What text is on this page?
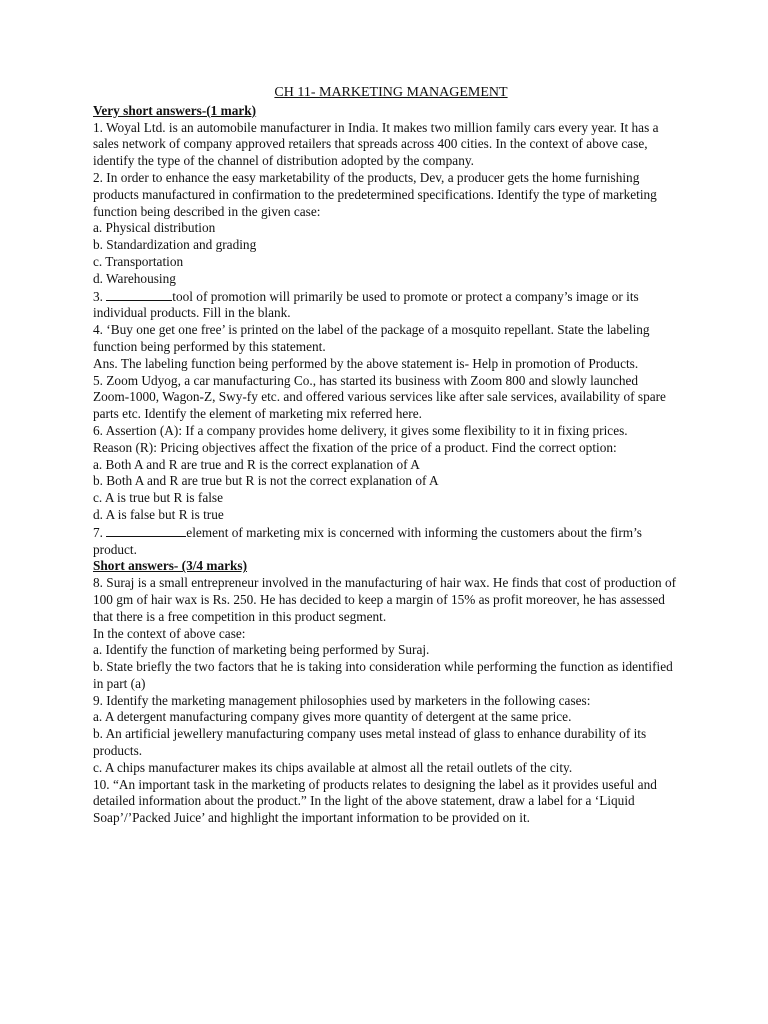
CH 11- MARKETING MANAGEMENT

Very short answers-(1 mark)

1. Woyal Ltd. is an automobile manufacturer in India. It makes two million family cars every year. It has a sales network of company approved retailers that spreads across 400 cities. In the context of above case, identify the type of the channel of distribution adopted by the company.

2. In order to enhance the easy marketability of the products, Dev, a producer gets the home furnishing products manufactured in confirmation to the predetermined specifications. Identify the type of marketing function being described in the given case:

a. Physical distribution

b. Standardization and grading

c. Transportation

d. Warehousing

3.	tool of promotion will primarily be used to promote or protect a company’s image or its individual products. Fill in the blank.

4. ‘Buy one get one free’ is printed on the label of the package of a mosquito repellant. State the labeling function being performed by this statement.

Ans. The labeling function being performed by the above statement is- Help in promotion of Products.

5. Zoom Udyog, a car manufacturing Co., has started its business with Zoom 800 and slowly launched Zoom-1000, Wagon-Z, Swy-fy etc. and offered various services like after sale services, availability of spare parts etc. Identify the element of marketing mix referred here.

6. Assertion (A): If a company provides home delivery, it gives some flexibility to it in fixing prices.

Reason (R): Pricing objectives affect the fixation of the price of a product. Find the correct option:

a. Both A and R are true and R is the correct explanation of A

b. Both A and R are true but R is not the correct explanation of A

c. A is true but R is false

d. A is false but R is true

7.	element of marketing mix is concerned with informing the customers about the firm’s product.

Short answers- (3/4 marks)

8. Suraj is a small entrepreneur involved in the manufacturing of hair wax. He finds that cost of production of 100 gm of hair wax is Rs. 250. He has decided to keep a margin of 15% as profit moreover, he has assessed that there is a free competition in this product segment.

In the context of above case:

a. Identify the function of marketing being performed by Suraj.

b. State briefly the two factors that he is taking into consideration while performing the function as identified in part (a)

9. Identify the marketing management philosophies used by marketers in the following cases:

a. A detergent manufacturing company gives more quantity of detergent at the same price.

b. An artificial jewellery manufacturing company uses metal instead of glass to enhance durability of its products.

c. A chips manufacturer makes its chips available at almost all the retail outlets of the city.

10. “An important task in the marketing of products relates to designing the label as it provides useful and detailed information about the product.” In the light of the above statement, draw a label for a ‘Liquid Soap’/’Packed Juice’ and highlight the important information to be provided on it.
